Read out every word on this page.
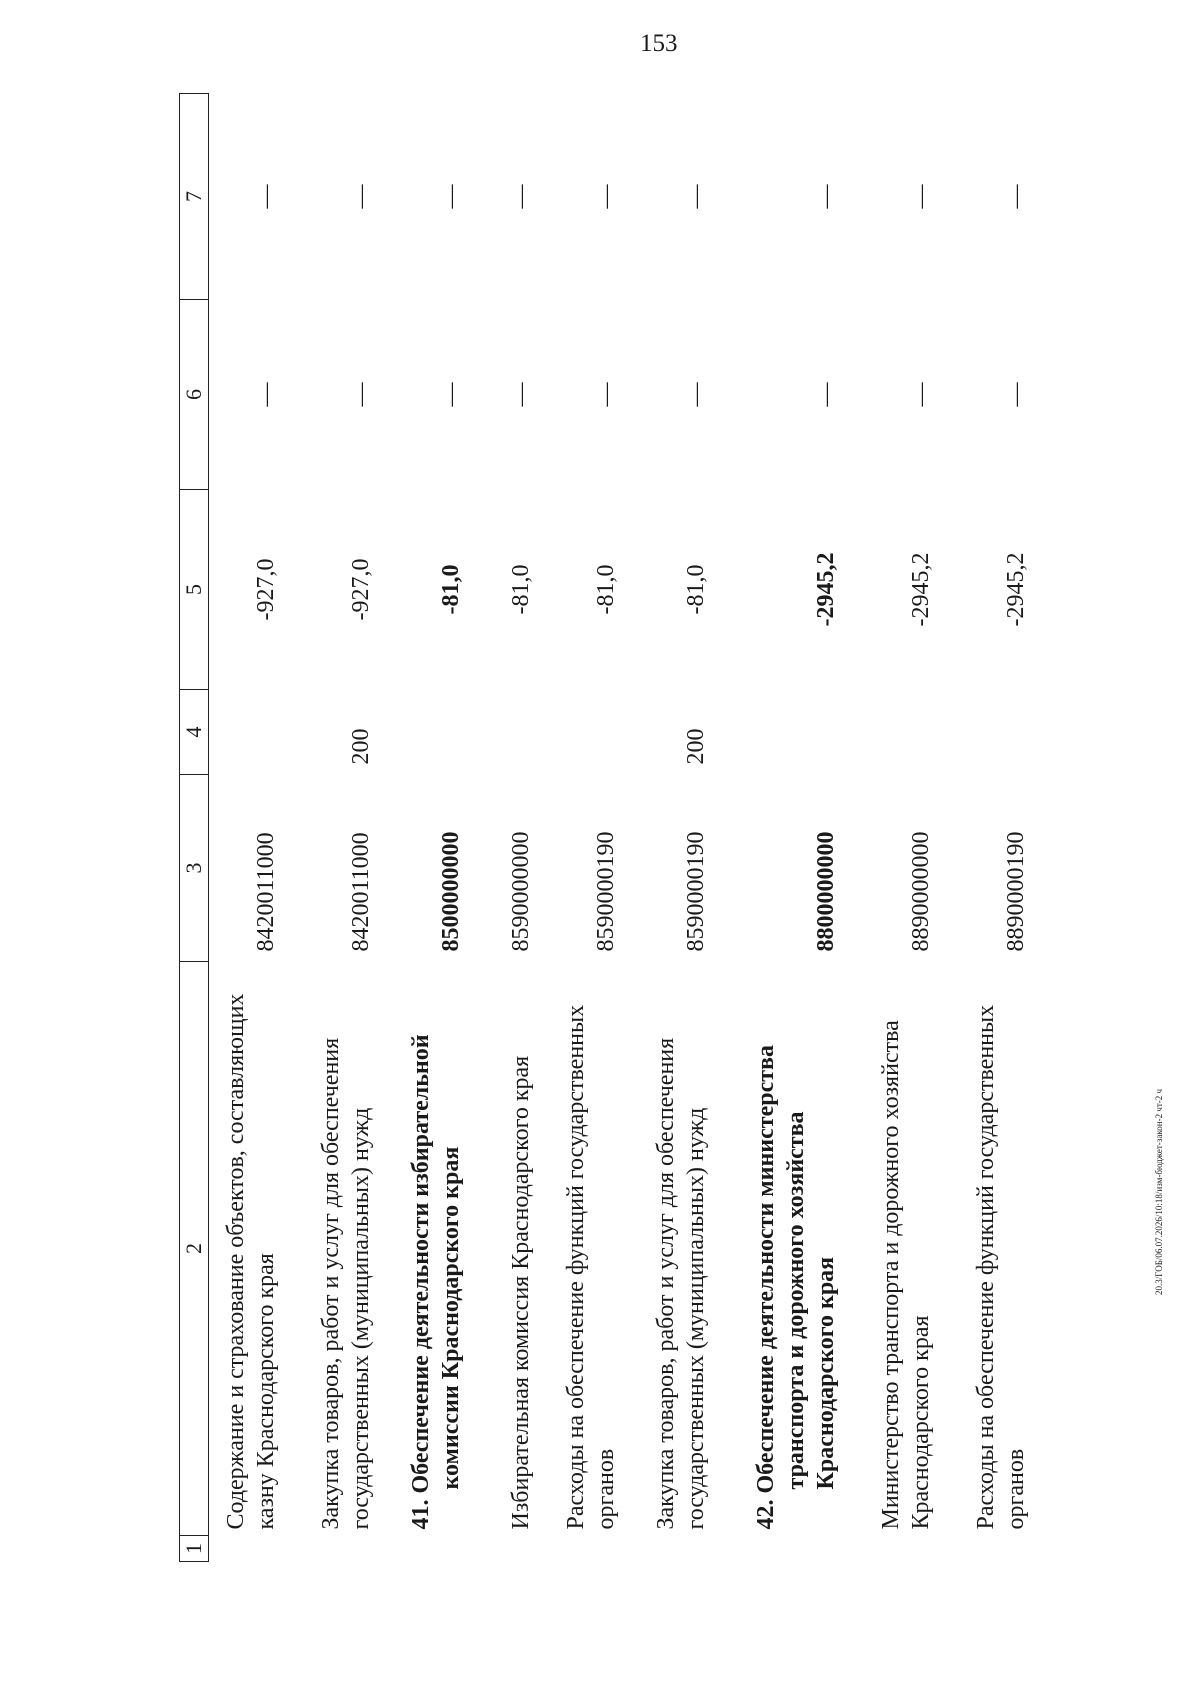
153
1	2	3	4	5	6	7
	Содержание и страхование объектов, составляющих казну Краснодарского края	8420011000		-927,0	—	—
	Закупка товаров, работ и услуг для обеспечения государственных (муниципальных) нужд	8420011000	200	-927,0	—	—
	41. Обеспечение деятельности избирательной комиссии Краснодарского края	8500000000		-81,0	—	—
	Избирательная комиссия Краснодарского края	8590000000		-81,0	—	—
	Расходы на обеспечение функций государственных органов	8590000190		-81,0	—	—
	Закупка товаров, работ и услуг для обеспечения государственных (муниципальных) нужд	8590000190	200	-81,0	—	—
	42. Обеспечение деятельности министерства транспорта и дорожного хозяйства Краснодарского края	8800000000		-2945,2	—	—
	Министерство транспорта и дорожного хозяйства Краснодарского края	8890000000		-2945,2	—	—
	Расходы на обеспечение функций государственных органов	8890000190		-2945,2	—	—
20.3/ГОБ/06.07.2026/10:18/изм-бюджет-закон-2 чт-2 ч
